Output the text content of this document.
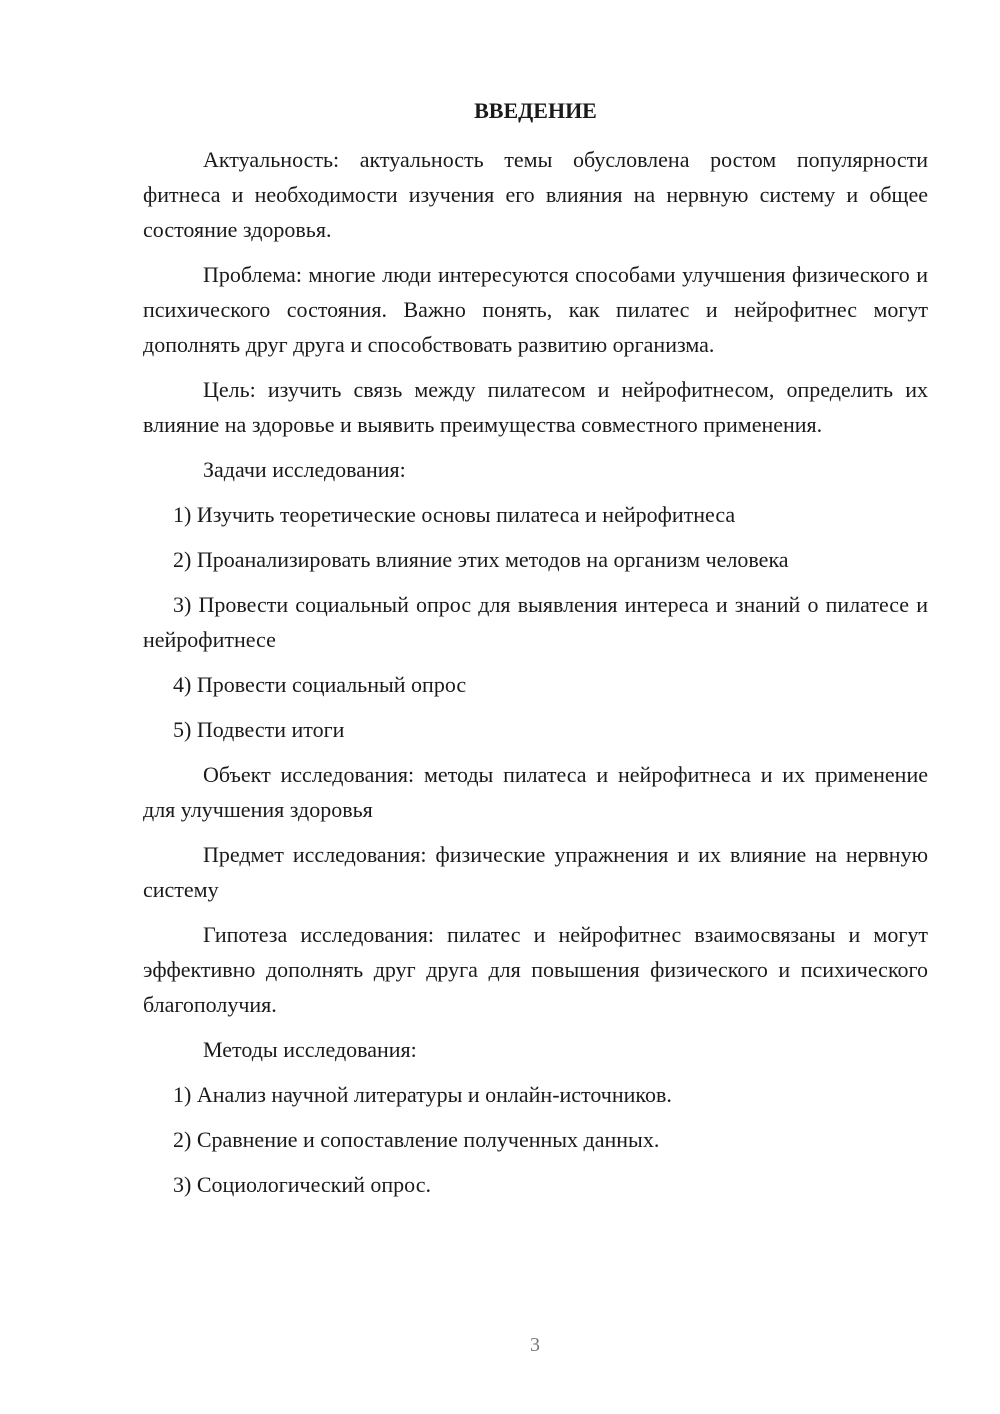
ВВЕДЕНИЕ

Актуальность: актуальность темы обусловлена ростом популярности фитнеса и необходимости изучения его влияния на нервную систему и общее состояние здоровья.

Проблема: многие люди интересуются способами улучшения физического и психического состояния. Важно понять, как пилатес и нейрофитнес могут дополнять друг друга и способствовать развитию организма.

Цель: изучить связь между пилатесом и нейрофитнесом, определить их влияние на здоровье и выявить преимущества совместного применения.

Задачи исследования:

1) Изучить теоретические основы пилатеса и нейрофитнеса

2) Проанализировать влияние этих методов на организм человека

3) Провести социальный опрос для выявления интереса и знаний о пилатесе и нейрофитнесе

4) Провести социальный опрос

5) Подвести итоги

Объект исследования: методы пилатеса и нейрофитнеса и их применение для улучшения здоровья

Предмет исследования: физические упражнения и их влияние на нервную систему

Гипотеза исследования: пилатес и нейрофитнес взаимосвязаны и могут эффективно дополнять друг друга для повышения физического и психического благополучия.

Методы исследования:

1) Анализ научной литературы и онлайн-источников.

2) Сравнение и сопоставление полученных данных.

3) Социологический опрос.

3
